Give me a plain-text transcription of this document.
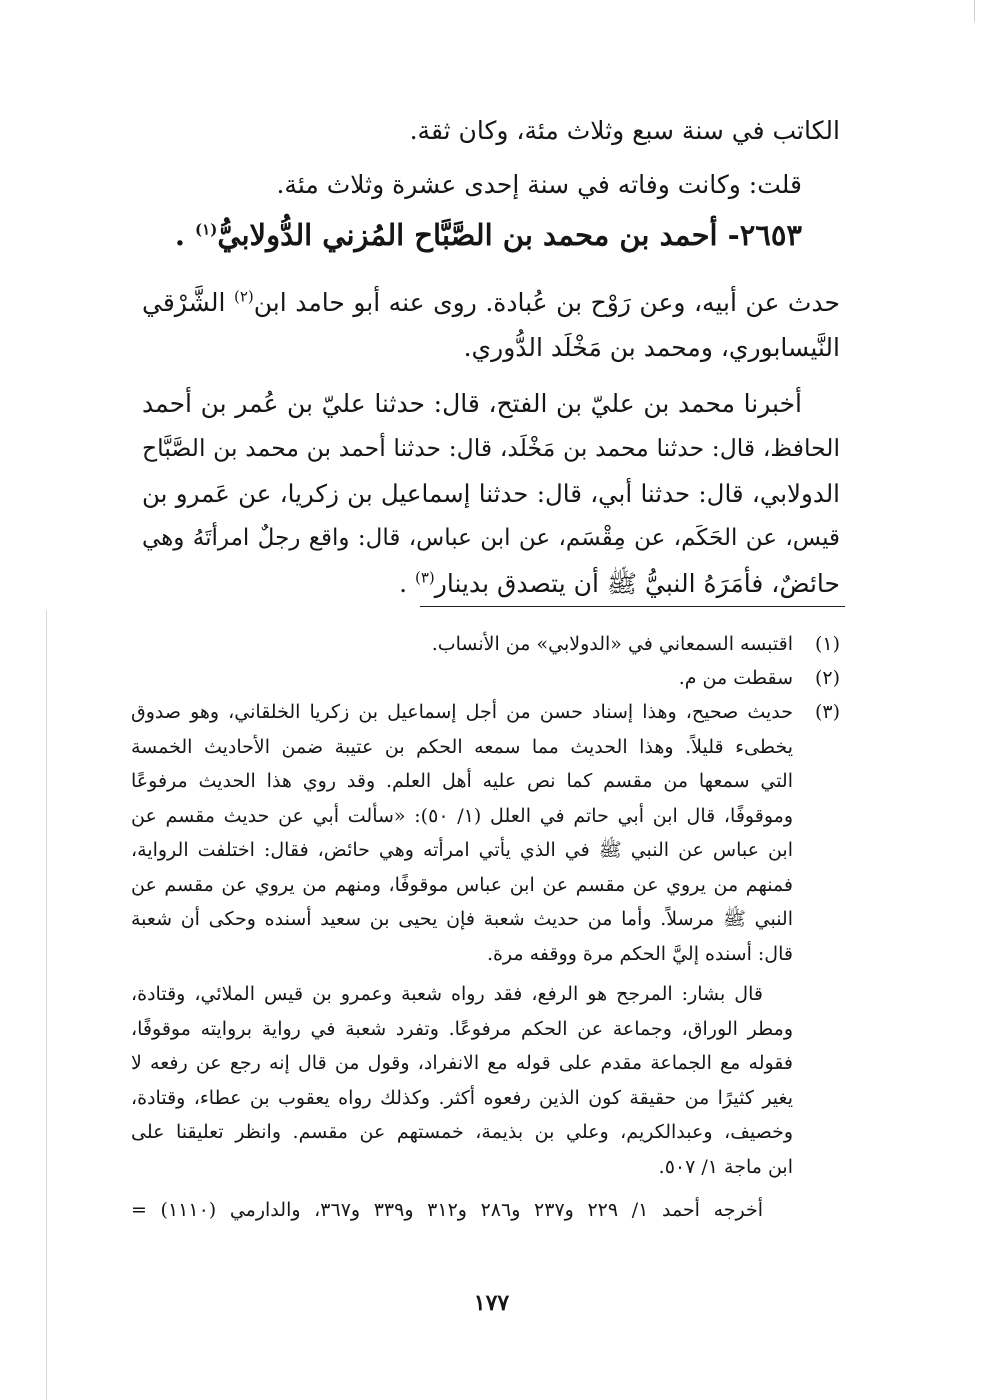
الكاتب في سنة سبع وثلاث مئة، وكان ثقة.
قلت: وكانت وفاته في سنة إحدى عشرة وثلاث مئة.
٢٦٥٣- أحمد بن محمد بن الصَّبَّاح المُزني الدُّولابيُّ$^{(١)}$ .
حدث عن أبيه، وعن رَوْح بن عُبادة. روى عنه أبو حامد ابن$^{(٢)}$ الشَّرْقي
النَّيسابوري، ومحمد بن مَخْلَد الدُّوري.
أخبرنا محمد بن عليّ بن الفتح، قال: حدثنا عليّ بن عُمر بن أحمد
الحافظ، قال: حدثنا محمد بن مَخْلَد، قال: حدثنا أحمد بن محمد بن الصَّبَّاح
الدولابي، قال: حدثنا أبي، قال: حدثنا إسماعيل بن زكريا، عن عَمرو بن
قيس، عن الحَكَم، عن مِقْسَم، عن ابن عباس، قال: واقع رجلٌ امرأتَهُ وهي
حائضٌ، فأمَرَهُ النبيُّ ﷺ أن يتصدق بدينار$^{(٣)}$ .
(١)
اقتبسه السمعاني في «الدولابي» من الأنساب.
(٢)
سقطت من م.
(٣)
حديث صحيح، وهذا إسناد حسن من أجل إسماعيل بن زكريا الخلقاني، وهو صدوق
يخطىء قليلاً. وهذا الحديث مما سمعه الحكم بن عتيبة ضمن الأحاديث الخمسة
التي سمعها من مقسم كما نص عليه أهل العلم. وقد روي هذا الحديث مرفوعًا
وموقوفًا، قال ابن أبي حاتم في العلل (١/ ٥٠): «سألت أبي عن حديث مقسم عن
ابن عباس عن النبي ﷺ في الذي يأتي امرأته وهي حائض، فقال: اختلفت الرواية،
فمنهم من يروي عن مقسم عن ابن عباس موقوفًا، ومنهم من يروي عن مقسم عن
النبي ﷺ مرسلاً. وأما من حديث شعبة فإن يحيى بن سعيد أسنده وحكى أن شعبة
قال: أسنده إليَّ الحكم مرة ووقفه مرة.
قال بشار: المرجح هو الرفع، فقد رواه شعبة وعمرو بن قيس الملائي، وقتادة،
ومطر الوراق، وجماعة عن الحكم مرفوعًا. وتفرد شعبة في رواية بروايته موقوفًا،
فقوله مع الجماعة مقدم على قوله مع الانفراد، وقول من قال إنه رجع عن رفعه لا
يغير كثيرًا من حقيقة كون الذين رفعوه أكثر. وكذلك رواه يعقوب بن عطاء، وقتادة،
وخصيف، وعبدالكريم، وعلي بن بذيمة، خمستهم عن مقسم. وانظر تعليقنا على
ابن ماجة ١/ ٥٠٧.
أخرجه أحمد ١/ ٢٢٩ و٢٣٧ و٢٨٦ و٣١٢ و٣٣٩ و٣٦٧، والدارمي (١١١٠) =
١٧٧
